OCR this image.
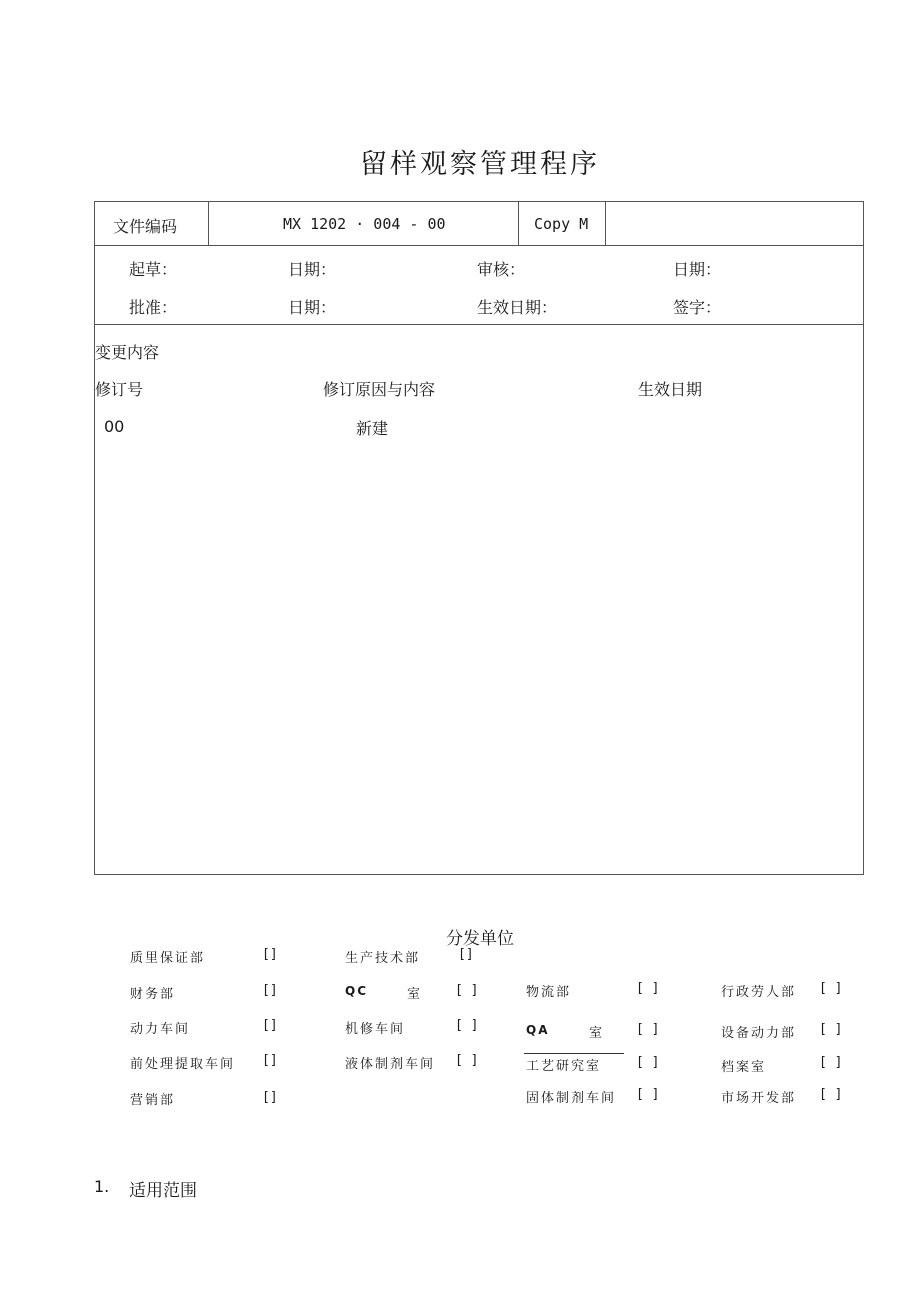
留样观察管理程序
文件编码	MX 1202 · 004 - 00	Copy M
起草：	日期：	审核：	日期：
批准：	日期：	生效日期：	签字：
变更内容
修订号	修订原因与内容	生效日期
00	新建
分发单位
质里保证部	[]	生产技术部	[]
财务部	[]	QC	室	[ ]	物流部	[ ]	行政劳人部 [ ]
动力车间	[]	机修车间	[ ]	QA	室 [ ]	设备动力部 [ ]
前处理提取车间 []	液体制剂车间 [ ]	工艺研究室	[ ]	档案室	[ ]
营销部	[]	固体制剂车间 [ ]	市场开发部 [ ]
1. 适用范围
